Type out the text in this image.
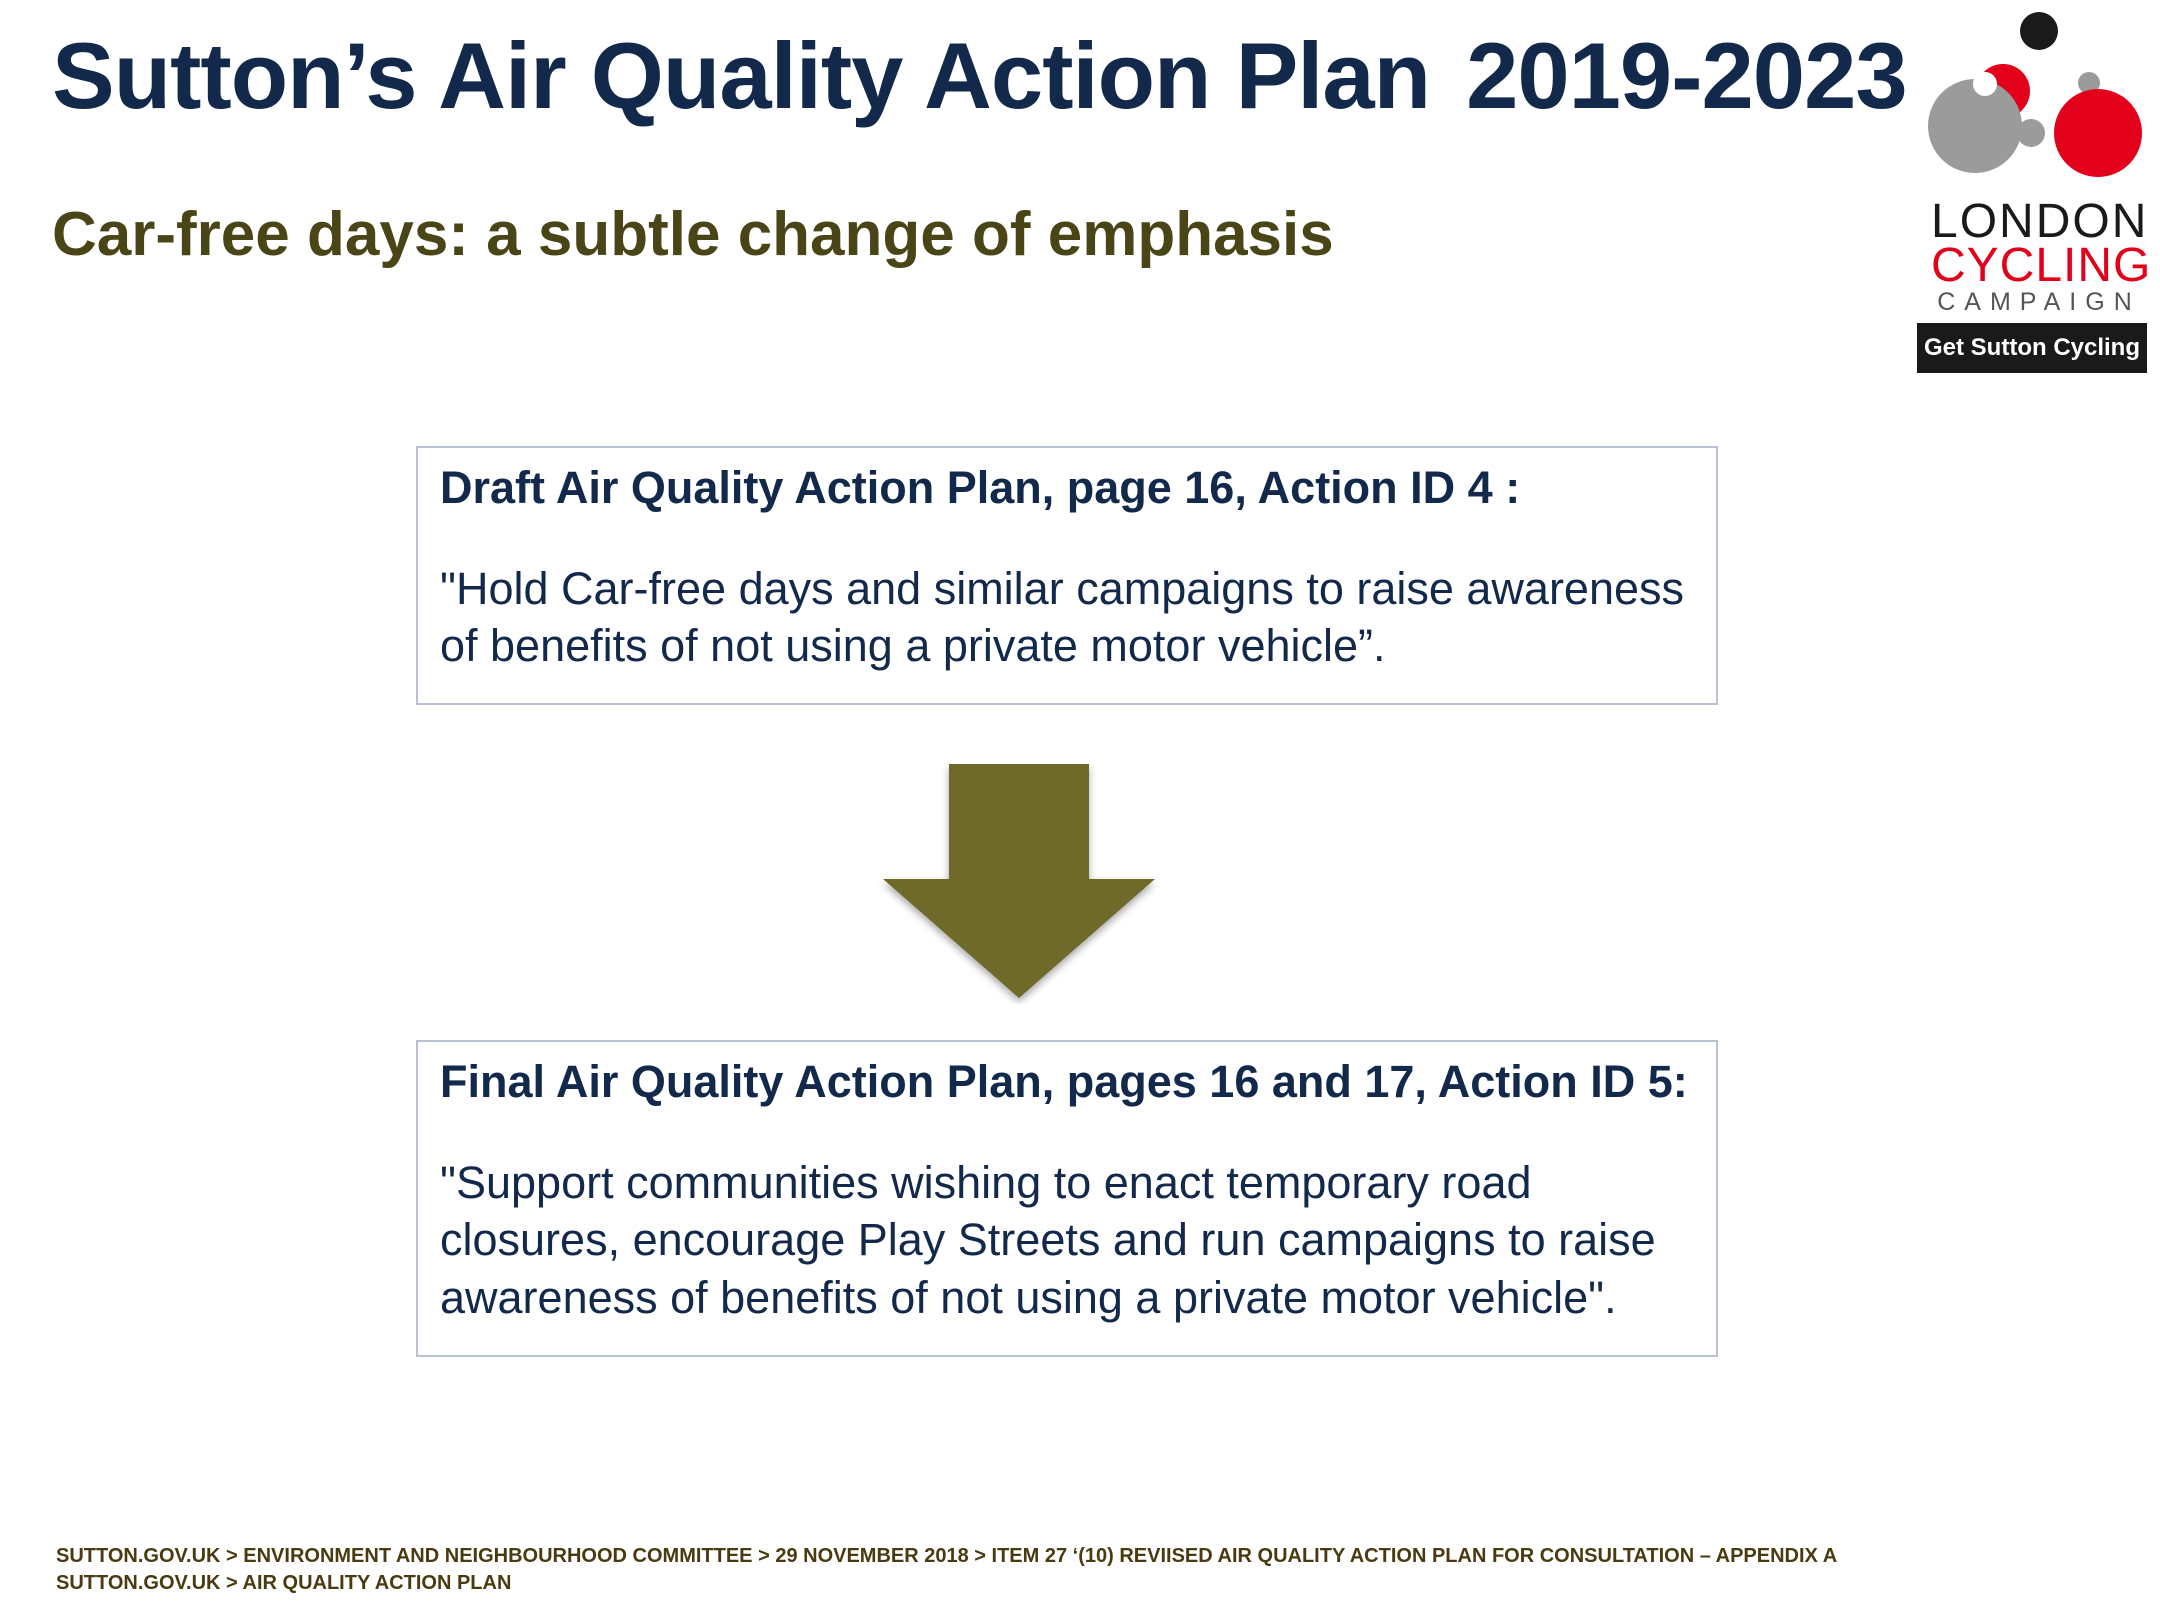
Sutton’s Air Quality Action Plan 2019-2023
Car-free days: a subtle change of emphasis	LONDON
CYCLING
CAMPAIGN
Get Sutton Cycling

Draft Air Quality Action Plan, page 16, Action ID 4 :

"Hold Car-free days and similar campaigns to raise awareness of benefits of not using a private motor vehicle”.

Final Air Quality Action Plan, pages 16 and 17, Action ID 5:

"Support communities wishing to enact temporary road closures, encourage Play Streets and run campaigns to raise awareness of benefits of not using a private motor vehicle".

SUTTON.GOV.UK > ENVIRONMENT AND NEIGHBOURHOOD COMMITTEE > 29 NOVEMBER 2018 > ITEM 27 ‘(10) REVIISED AIR QUALITY ACTION PLAN FOR CONSULTATION – APPENDIX A
SUTTON.GOV.UK > AIR QUALITY ACTION PLAN
